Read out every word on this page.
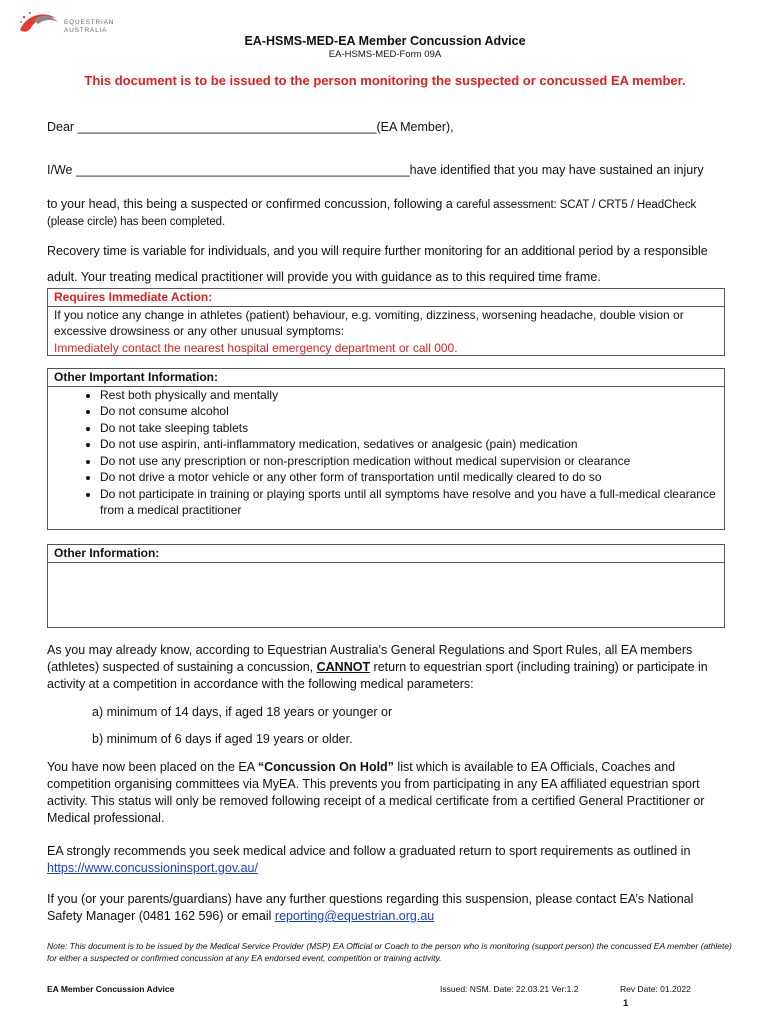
EQUESTRIAN
AUSTRALIA
EA-HSMS-MED-EA Member Concussion Advice
EA-HSMS-MED-Form 09A
This document is to be issued to the person monitoring the suspected or concussed EA member.
Dear ___________________________________________(EA Member),
I/We ________________________________________________have identified that you may have sustained an injury
to your head, this being a suspected or confirmed concussion, following a careful assessment: SCAT / CRT5 / HeadCheck
(please circle) has been completed.
Recovery time is variable for individuals, and you will require further monitoring for an additional period by a responsible
adult. Your treating medical practitioner will provide you with guidance as to this required time frame.
Requires Immediate Action:
If you notice any change in athletes (patient) behaviour, e.g. vomiting, dizziness, worsening headache, double vision or excessive drowsiness or any other unusual symptoms:
Immediately contact the nearest hospital emergency department or call 000.
Other Important Information:
• Rest both physically and mentally
• Do not consume alcohol
• Do not take sleeping tablets
• Do not use aspirin, anti-inflammatory medication, sedatives or analgesic (pain) medication
• Do not use any prescription or non-prescription medication without medical supervision or clearance
• Do not drive a motor vehicle or any other form of transportation until medically cleared to do so
• Do not participate in training or playing sports until all symptoms have resolve and you have a full-medical clearance from a medical practitioner
Other Information:
As you may already know, according to Equestrian Australia’s General Regulations and Sport Rules, all EA members (athletes) suspected of sustaining a concussion, CANNOT return to equestrian sport (including training) or participate in activity at a competition in accordance with the following medical parameters:
a) minimum of 14 days, if aged 18 years or younger or
b) minimum of 6 days if aged 19 years or older.
You have now been placed on the EA “Concussion On Hold” list which is available to EA Officials, Coaches and competition organising committees via MyEA. This prevents you from participating in any EA affiliated equestrian sport activity. This status will only be removed following receipt of a medical certificate from a certified General Practitioner or Medical professional.
EA strongly recommends you seek medical advice and follow a graduated return to sport requirements as outlined in https://www.concussioninsport.gov.au/
If you (or your parents/guardians) have any further questions regarding this suspension, please contact EA’s National Safety Manager (0481 162 596) or email reporting@equestrian.org.au
Note: This document is to be issued by the Medical Service Provider (MSP) EA Official or Coach to the person who is monitoring (support person) the concussed EA member (athlete) for either a suspected or confirmed concussion at any EA endorsed event, competition or training activity.
EA Member Concussion Advice	Issued: NSM. Date: 22.03.21 Ver:1.2	Rev Date: 01.2022
1
